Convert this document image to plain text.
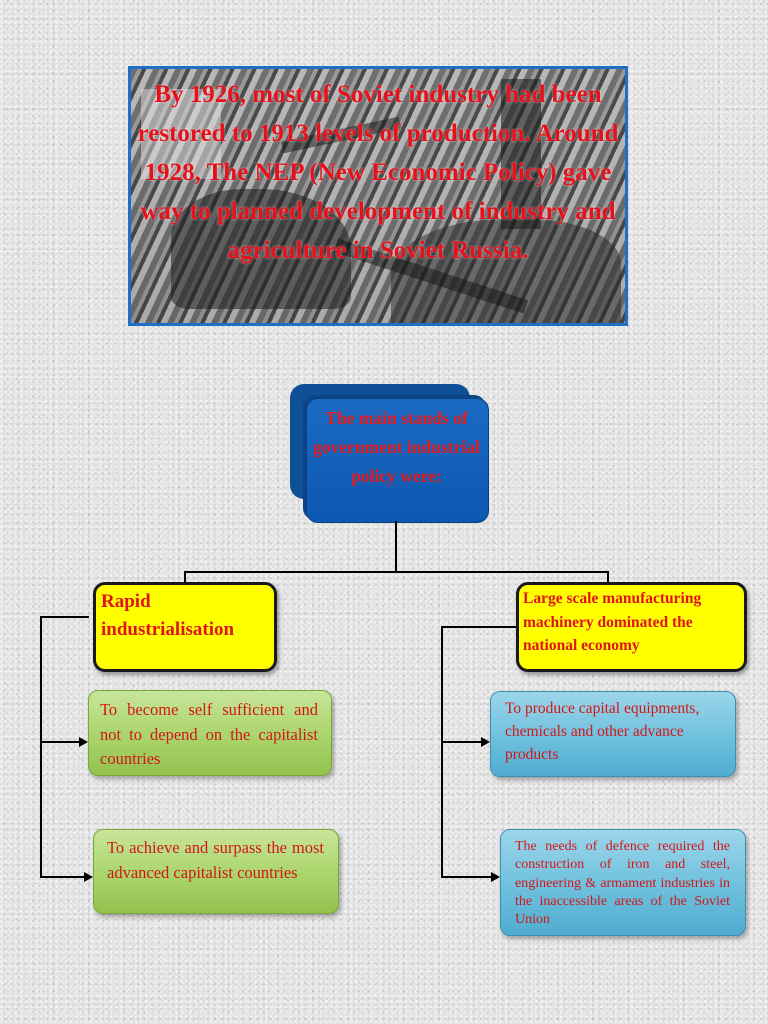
By 1926, most of Soviet industry had been restored to 1913 levels of production. Around 1928, The NEP (New Economic Policy) gave way to planned development of industry and agriculture in Soviet Russia.

The main stands of government industrial policy were:
Rapid industrialisation
To become self sufficient and not to depend on the capitalist countries
To achieve and surpass the most advanced capitalist countries
Large scale manufacturing machinery dominated the national economy
To produce capital equipments, chemicals and other advance products
The needs of defence required the construction of iron and steel, engineering & armament industries in the inaccessible areas of the Soviet Union
